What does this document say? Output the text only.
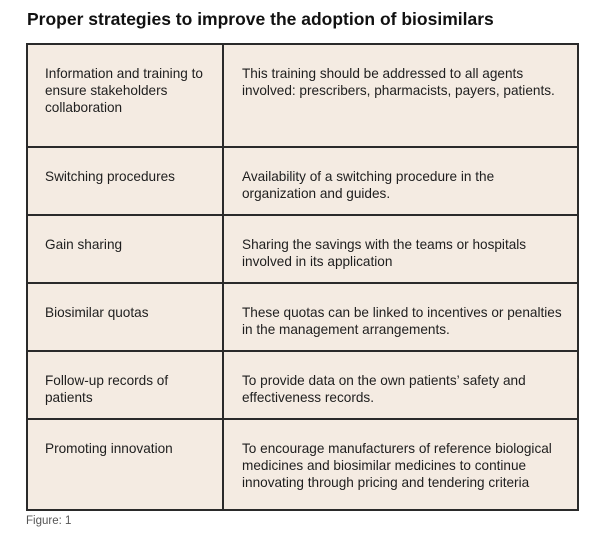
Proper strategies to improve the adoption of biosimilars
Information and training to ensure stakeholders collaboration	This training should be addressed to all agents involved: prescribers, pharmacists, payers, patients.
Switching procedures	Availability of a switching procedure in the organization and guides.
Gain sharing	Sharing the savings with the teams or hospitals involved in its application
Biosimilar quotas	These quotas can be linked to incentives or penalties in the management arrangements.
Follow-up records of patients	To provide data on the own patients’ safety and effectiveness records.
Promoting innovation	To encourage manufacturers of reference biological medicines and biosimilar medicines to continue innovating through pricing and tendering criteria
Figure: 1
